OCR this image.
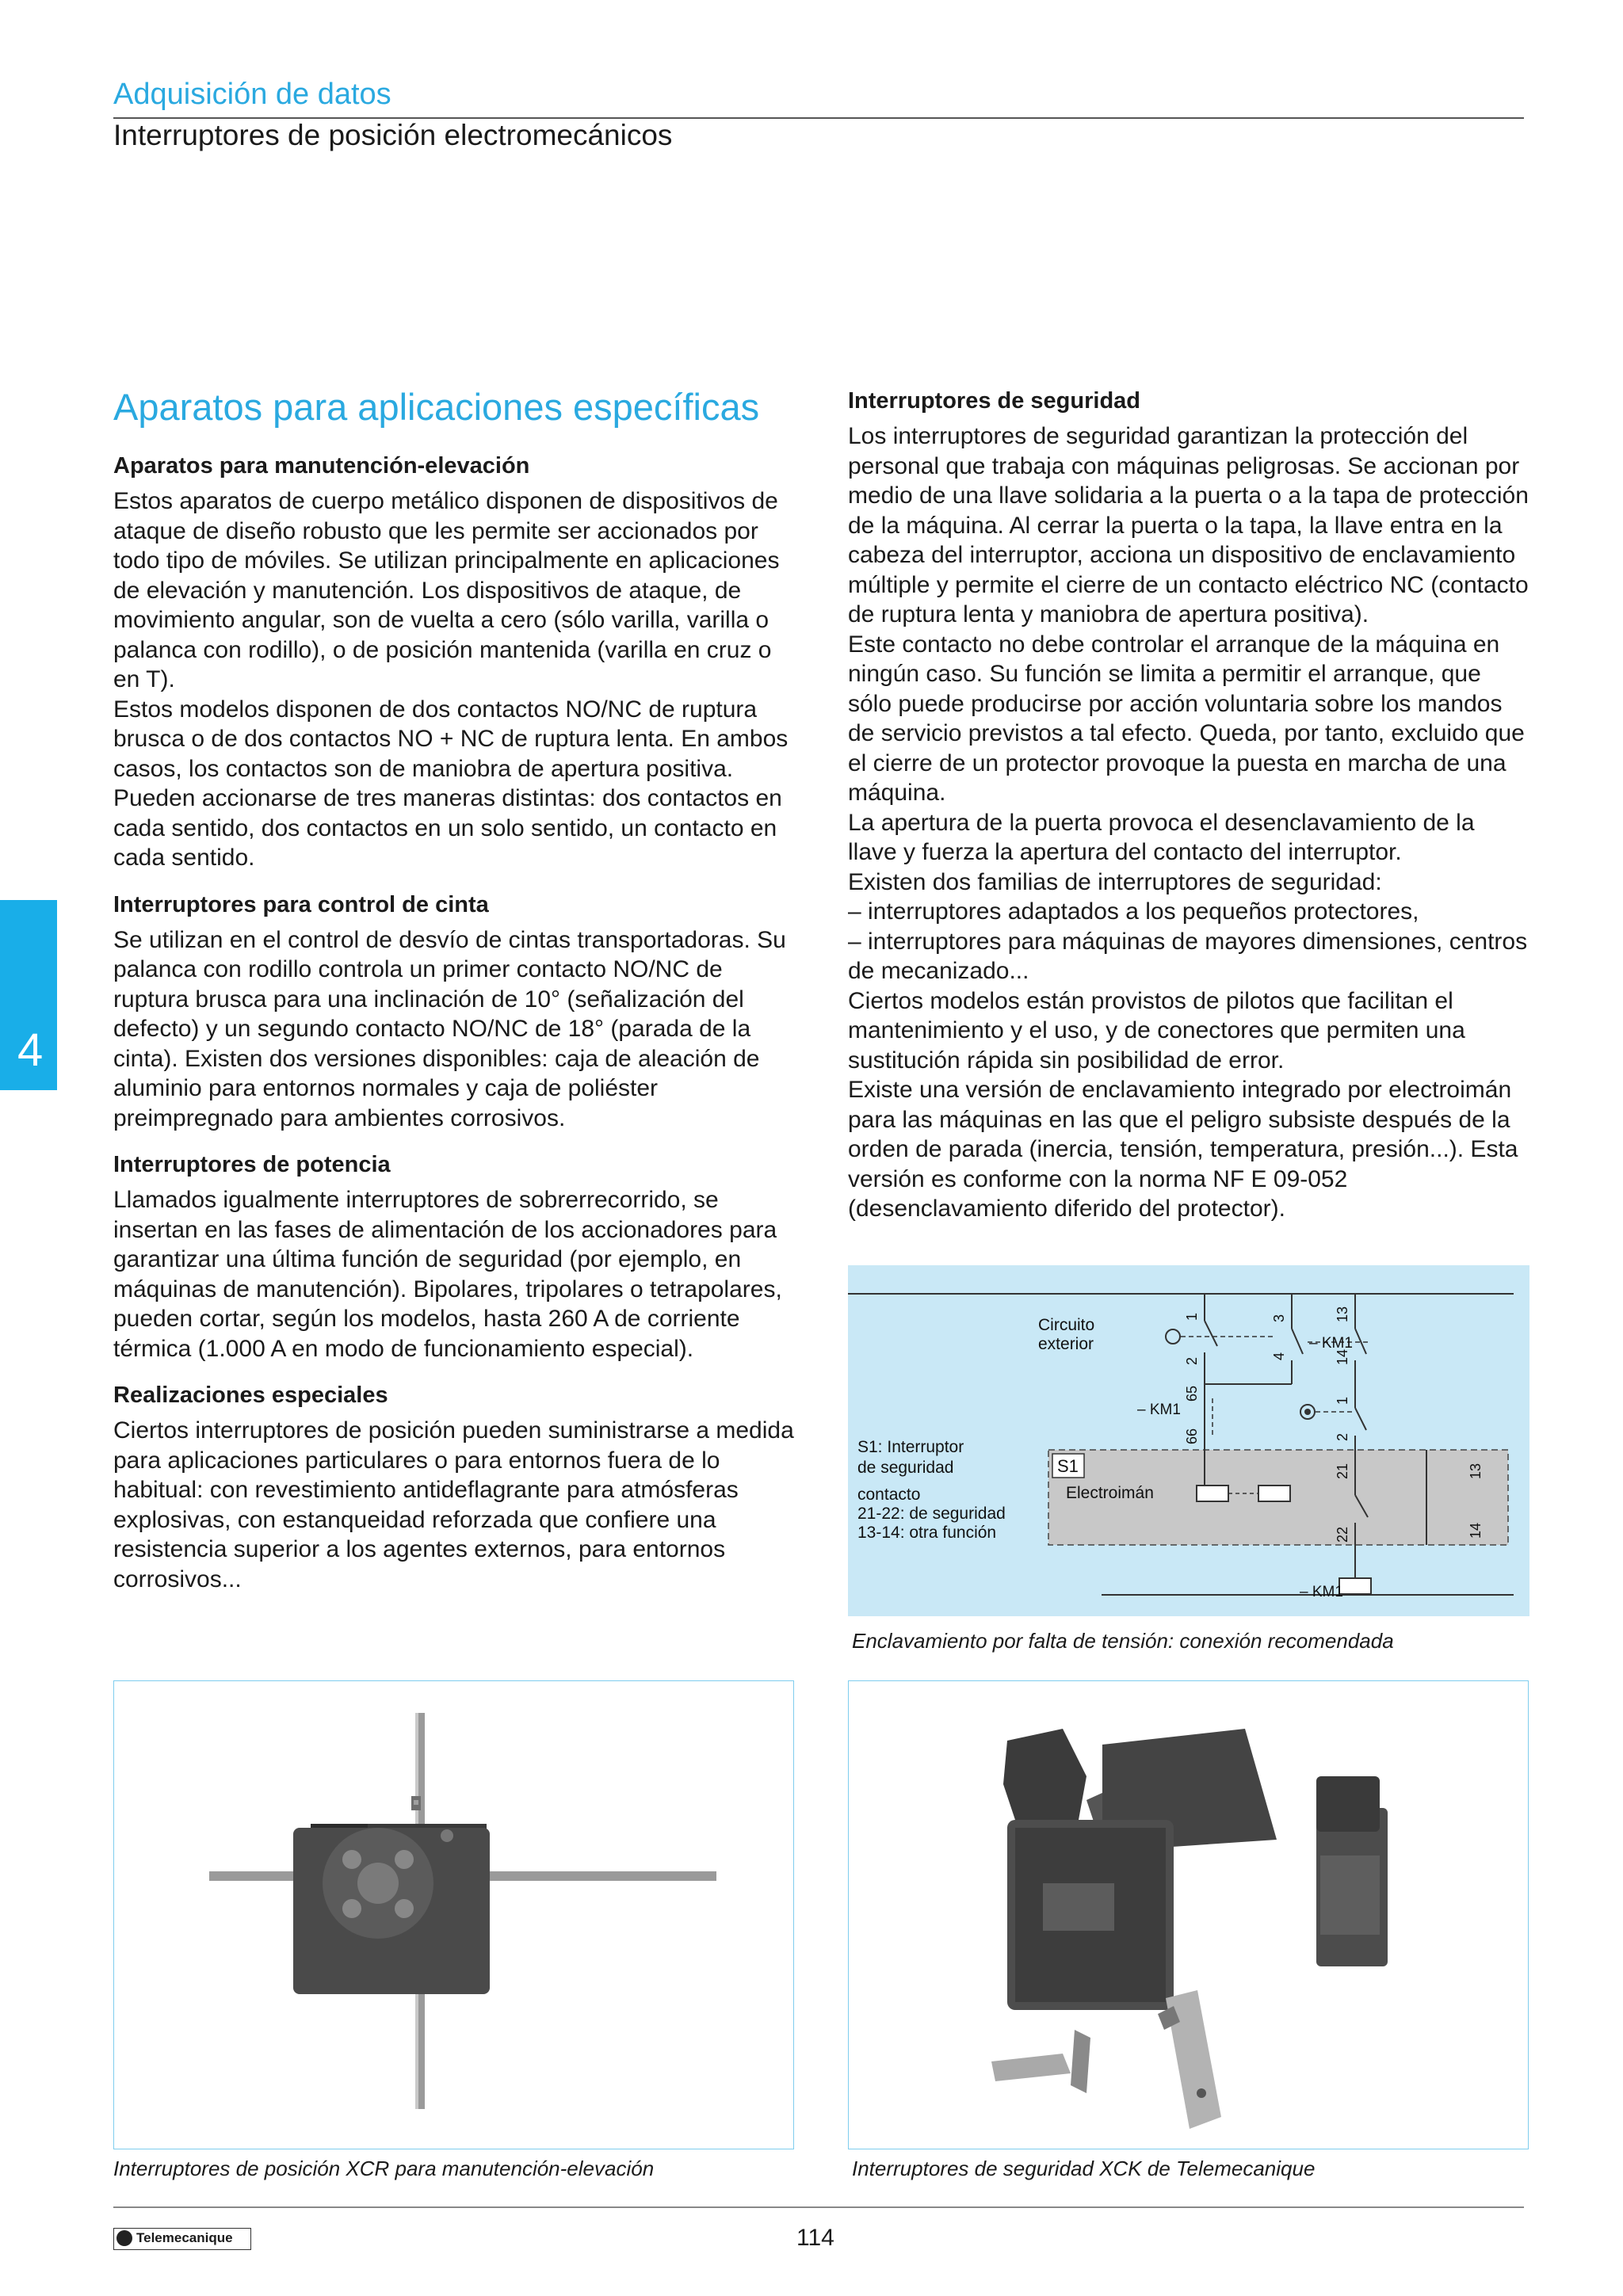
Adquisición de datos
Interruptores de posición electromecánicos
4
Aparatos para aplicaciones específicas
Aparatos para manutención-elevación

Estos aparatos de cuerpo metálico disponen de dispositivos de ataque de diseño robusto que les permite ser accionados por todo tipo de móviles. Se utilizan principalmente en aplicaciones de elevación y manutención. Los dispositivos de ataque, de movimiento angular, son de vuelta a cero (sólo varilla, varilla o palanca con rodillo), o de posición mantenida (varilla en cruz o en T).

Estos modelos disponen de dos contactos NO/NC de ruptura brusca o de dos contactos NO + NC de ruptura lenta. En ambos casos, los contactos son de maniobra de apertura positiva. Pueden accionarse de tres maneras distintas: dos contactos en cada sentido, dos contactos en un solo sentido, un contacto en cada sentido.

Interruptores para control de cinta

Se utilizan en el control de desvío de cintas transportadoras. Su palanca con rodillo controla un primer contacto NO/NC de ruptura brusca para una inclinación de 10° (señalización del defecto) y un segundo contacto NO/NC de 18° (parada de la cinta). Existen dos versiones disponibles: caja de aleación de aluminio para entornos normales y caja de poliéster preimpregnado para ambientes corrosivos.

Interruptores de potencia

Llamados igualmente interruptores de sobrerrecorrido, se insertan en las fases de alimentación de los accionadores para garantizar una última función de seguridad (por ejemplo, en máquinas de manutención). Bipolares, tripolares o tetrapolares, pueden cortar, según los modelos, hasta 260 A de corriente térmica (1.000 A en modo de funcionamiento especial).

Realizaciones especiales

Ciertos interruptores de posición pueden suministrarse a medida para aplicaciones particulares o para entornos fuera de lo habitual: con revestimiento antideflagrante para atmósferas explosivas, con estanqueidad reforzada que confiere una resistencia superior a los agentes externos, para entornos corrosivos...

Interruptores de seguridad

Los interruptores de seguridad garantizan la protección del personal que trabaja con máquinas peligrosas. Se accionan por medio de una llave solidaria a la puerta o a la tapa de protección de la máquina. Al cerrar la puerta o la tapa, la llave entra en la cabeza del interruptor, acciona un dispositivo de enclavamiento múltiple y permite el cierre de un contacto eléctrico NC (contacto de ruptura lenta y maniobra de apertura positiva).

Este contacto no debe controlar el arranque de la máquina en ningún caso. Su función se limita a permitir el arranque, que sólo puede producirse por acción voluntaria sobre los mandos de servicio previstos a tal efecto. Queda, por tanto, excluido que el cierre de un protector provoque la puesta en marcha de una máquina.

La apertura de la puerta provoca el desenclavamiento de la llave y fuerza la apertura del contacto del interruptor.

Existen dos familias de interruptores de seguridad:

– interruptores adaptados a los pequeños protectores,

– interruptores para máquinas de mayores dimensiones, centros de mecanizado...

Ciertos modelos están provistos de pilotos que facilitan el mantenimiento y el uso, y de conectores que permiten una sustitución rápida sin posibilidad de error.

Existe una versión de enclavamiento integrado por electroimán para las máquinas en las que el peligro subsiste después de la orden de parada (inercia, tensión, temperatura, presión...). Esta versión es conforme con la norma NF E 09-052 (desenclavamiento diferido del protector).

S1
Circuito
exterior	– KM1
– KM1
– KM1
S1: Interruptor
de seguridad
contacto
21-22: de seguridad
13-14: otra función
Electroimán
1
2
3
4
13
14
65
66
1
2
21
22
13
14
Enclavamiento por falta de tensión: conexión recomendada
Interruptores de posición XCR para manutención-elevación	Interruptores de seguridad XCK de Telemecanique
Telemecanique	114
